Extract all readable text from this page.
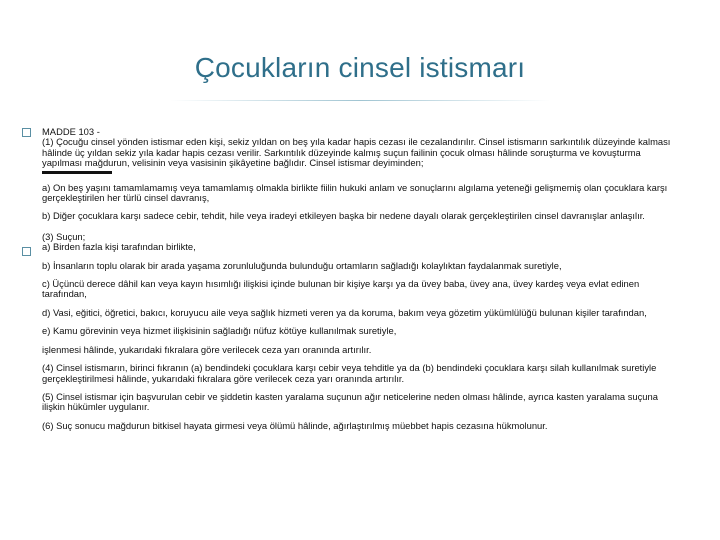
Çocukların cinsel istismarı

MADDE 103 -

(1) Çocuğu cinsel yönden istismar eden kişi, sekiz yıldan on beş yıla kadar hapis cezası ile cezalandırılır. Cinsel istismarın sarkıntılık düzeyinde kalması hâlinde üç yıldan sekiz yıla kadar hapis cezası verilir. Sarkıntılık düzeyinde kalmış suçun failinin çocuk olması hâlinde soruşturma ve kovuşturma yapılması mağdurun, velisinin veya vasisinin şikâyetine bağlıdır. Cinsel istismar deyiminden;

a) On beş yaşını tamamlamamış veya tamamlamış olmakla birlikte fiilin hukuki anlam ve sonuçlarını algılama yeteneği gelişmemiş olan çocuklara karşı gerçekleştirilen her türlü cinsel davranış,

b) Diğer çocuklara karşı sadece cebir, tehdit, hile veya iradeyi etkileyen başka bir nedene dayalı olarak gerçekleştirilen cinsel davranışlar anlaşılır.

(3) Suçun;

a) Birden fazla kişi tarafından birlikte,

b) İnsanların toplu olarak bir arada yaşama zorunluluğunda bulunduğu ortamların sağladığı kolaylıktan faydalanmak suretiyle,

c) Üçüncü derece dâhil kan veya kayın hısımlığı ilişkisi içinde bulunan bir kişiye karşı ya da üvey baba, üvey ana, üvey kardeş veya evlat edinen tarafından,

d) Vasi, eğitici, öğretici, bakıcı, koruyucu aile veya sağlık hizmeti veren ya da koruma, bakım veya gözetim yükümlülüğü bulunan kişiler tarafından,

e) Kamu görevinin veya hizmet ilişkisinin sağladığı nüfuz kötüye kullanılmak suretiyle,

işlenmesi hâlinde, yukarıdaki fıkralara göre verilecek ceza yarı oranında artırılır.

(4) Cinsel istismarın, birinci fıkranın (a) bendindeki çocuklara karşı cebir veya tehditle ya da (b) bendindeki çocuklara karşı silah kullanılmak suretiyle gerçekleştirilmesi hâlinde, yukarıdaki fıkralara göre verilecek ceza yarı oranında artırılır.

(5) Cinsel istismar için başvurulan cebir ve şiddetin kasten yaralama suçunun ağır neticelerine neden olması hâlinde, ayrıca kasten yaralama suçuna ilişkin hükümler uygulanır.

(6) Suç sonucu mağdurun bitkisel hayata girmesi veya ölümü hâlinde, ağırlaştırılmış müebbet hapis cezasına hükmolunur.
